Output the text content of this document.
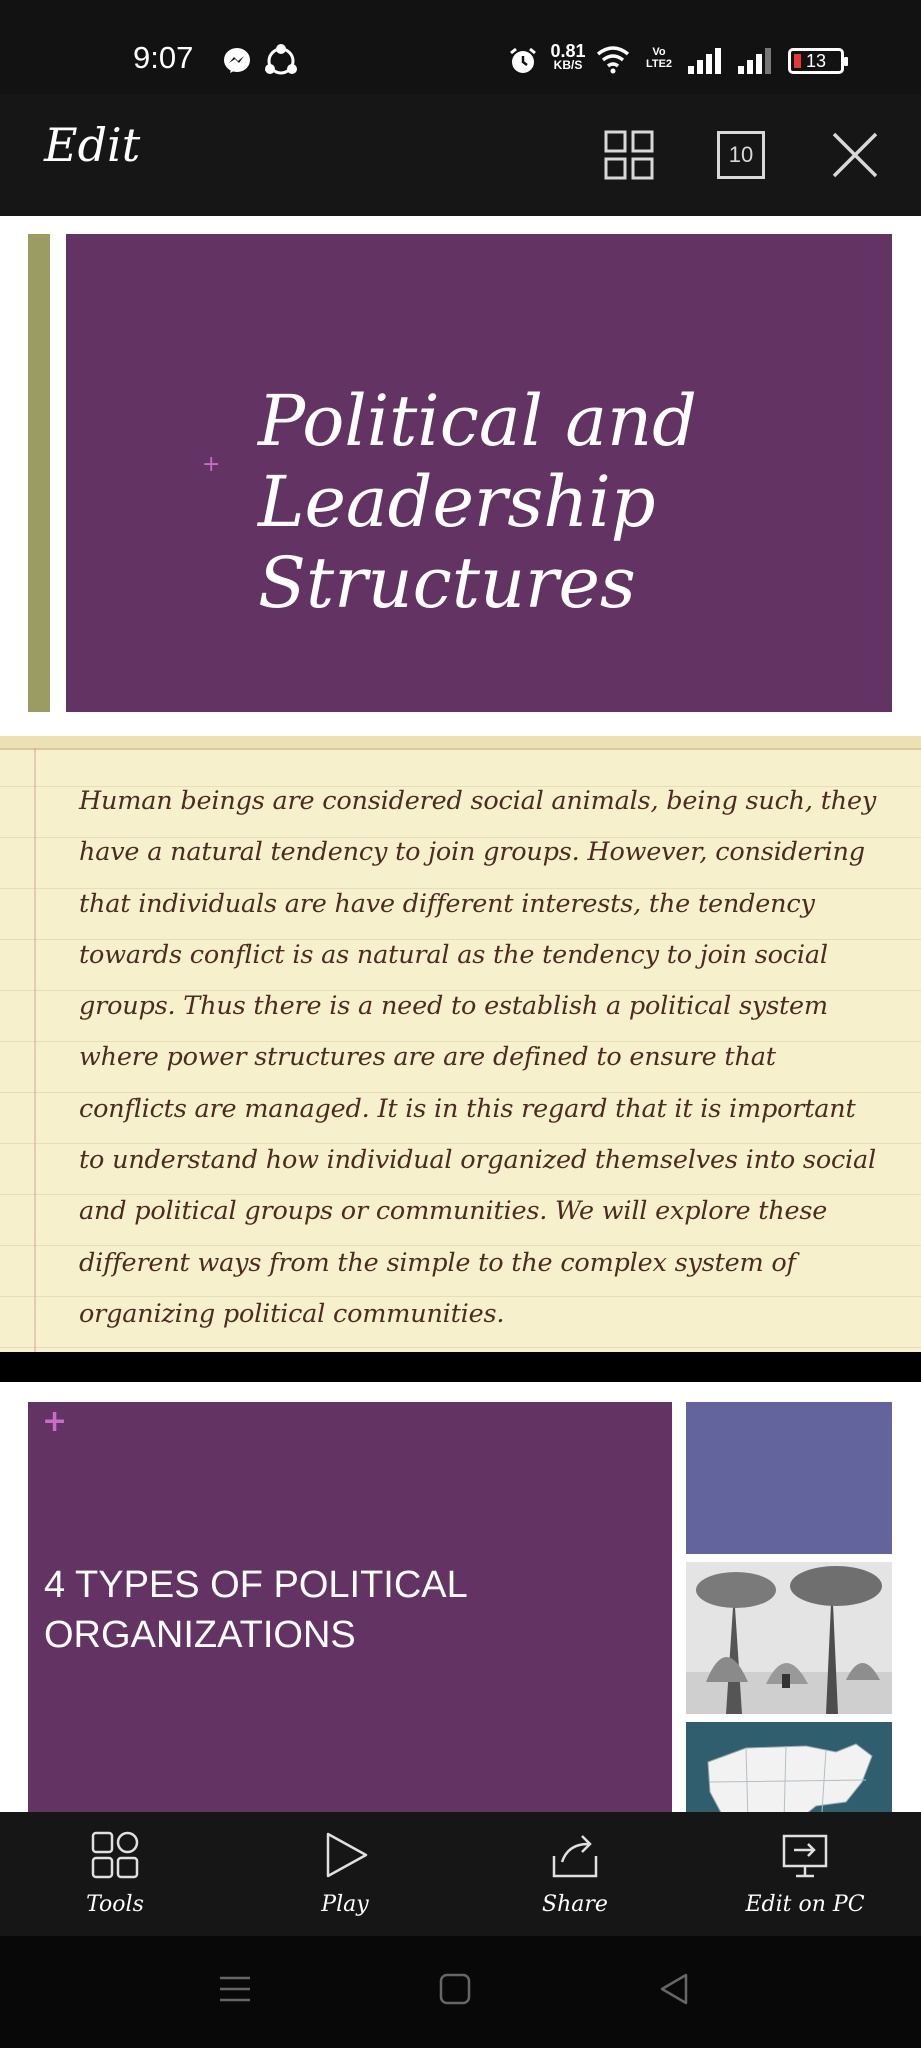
9:07	0.81
KB/S
Vo LTE2	13
Edit	10
+
Political and Leadership Structures
Human beings are considered social animals, being such, they have a natural tendency to join groups. However, considering that individuals are have different interests, the tendency towards conflict is as natural as the tendency to join social groups. Thus there is a need to establish a political system where power structures are are defined to ensure that conflicts are managed. It is in this regard that it is important to understand how individual organized themselves into social and political groups or communities. We will explore these different ways from the simple to the complex system of organizing political communities.
+
4 TYPES OF POLITICAL ORGANIZATIONS
Tools	Play	Share	Edit on PC
